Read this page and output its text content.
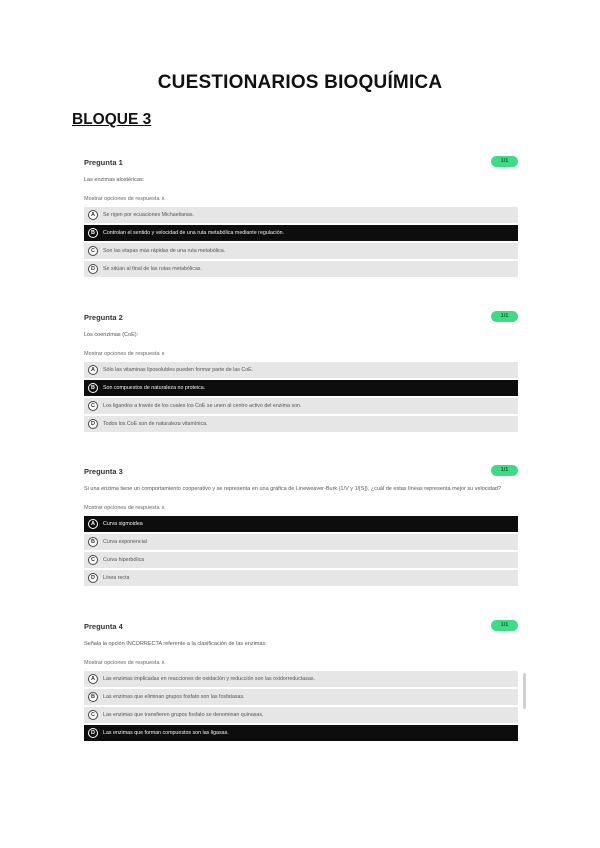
CUESTIONARIOS BIOQUÍMICA
BLOQUE 3
Pregunta 1	1/1
Las enzimas alostéricas:
Mostrar opciones de respuesta ∧
A	Se rigen por ecuaciones Michaelianas.
B	Controlan el sentido y velocidad de una ruta metabólica mediante regulación.
C	Son las etapas más rápidas de una ruta metabólica.
D	Se sitúan al final de las rutas metabólicas.
Pregunta 2	1/1
Los coenzimas (CoE):
Mostrar opciones de respuesta ∧
A	Sólo las vitaminas liposolubles pueden formar parte de las CoE.
B	Son compuestos de naturaleza no proteica.
C	Los ligandos a través de los cuales los CoE se unen al centro activo del enzima son.
D	Todos los CoE son de naturaleza vitamínica.
Pregunta 3	1/1
Si una enzima tiene un comportamiento cooperativo y se representa en una gráfica de Lineweaver-Burk (1/V y 1/[S]), ¿cuál de estas líneas representa mejor su velocidad?
Mostrar opciones de respuesta ∧
A	Curva sigmoidea
B	Curva exponencial
C	Curva hiperbólica
D	Línea recta
Pregunta 4	1/1
Señala la opción INCORRECTA referente a la clasificación de las enzimas:
Mostrar opciones de respuesta ∧
A	Las enzimas implicadas en reacciones de oxidación y reducción son las oxidorreductasas.
B	Las enzimas que eliminan grupos fosfato son las fosfatasas.
C	Las enzimas que transfieren grupos fosfato se denominan quinasas.
D	Las enzimas que forman compuestos son las ligasas.
